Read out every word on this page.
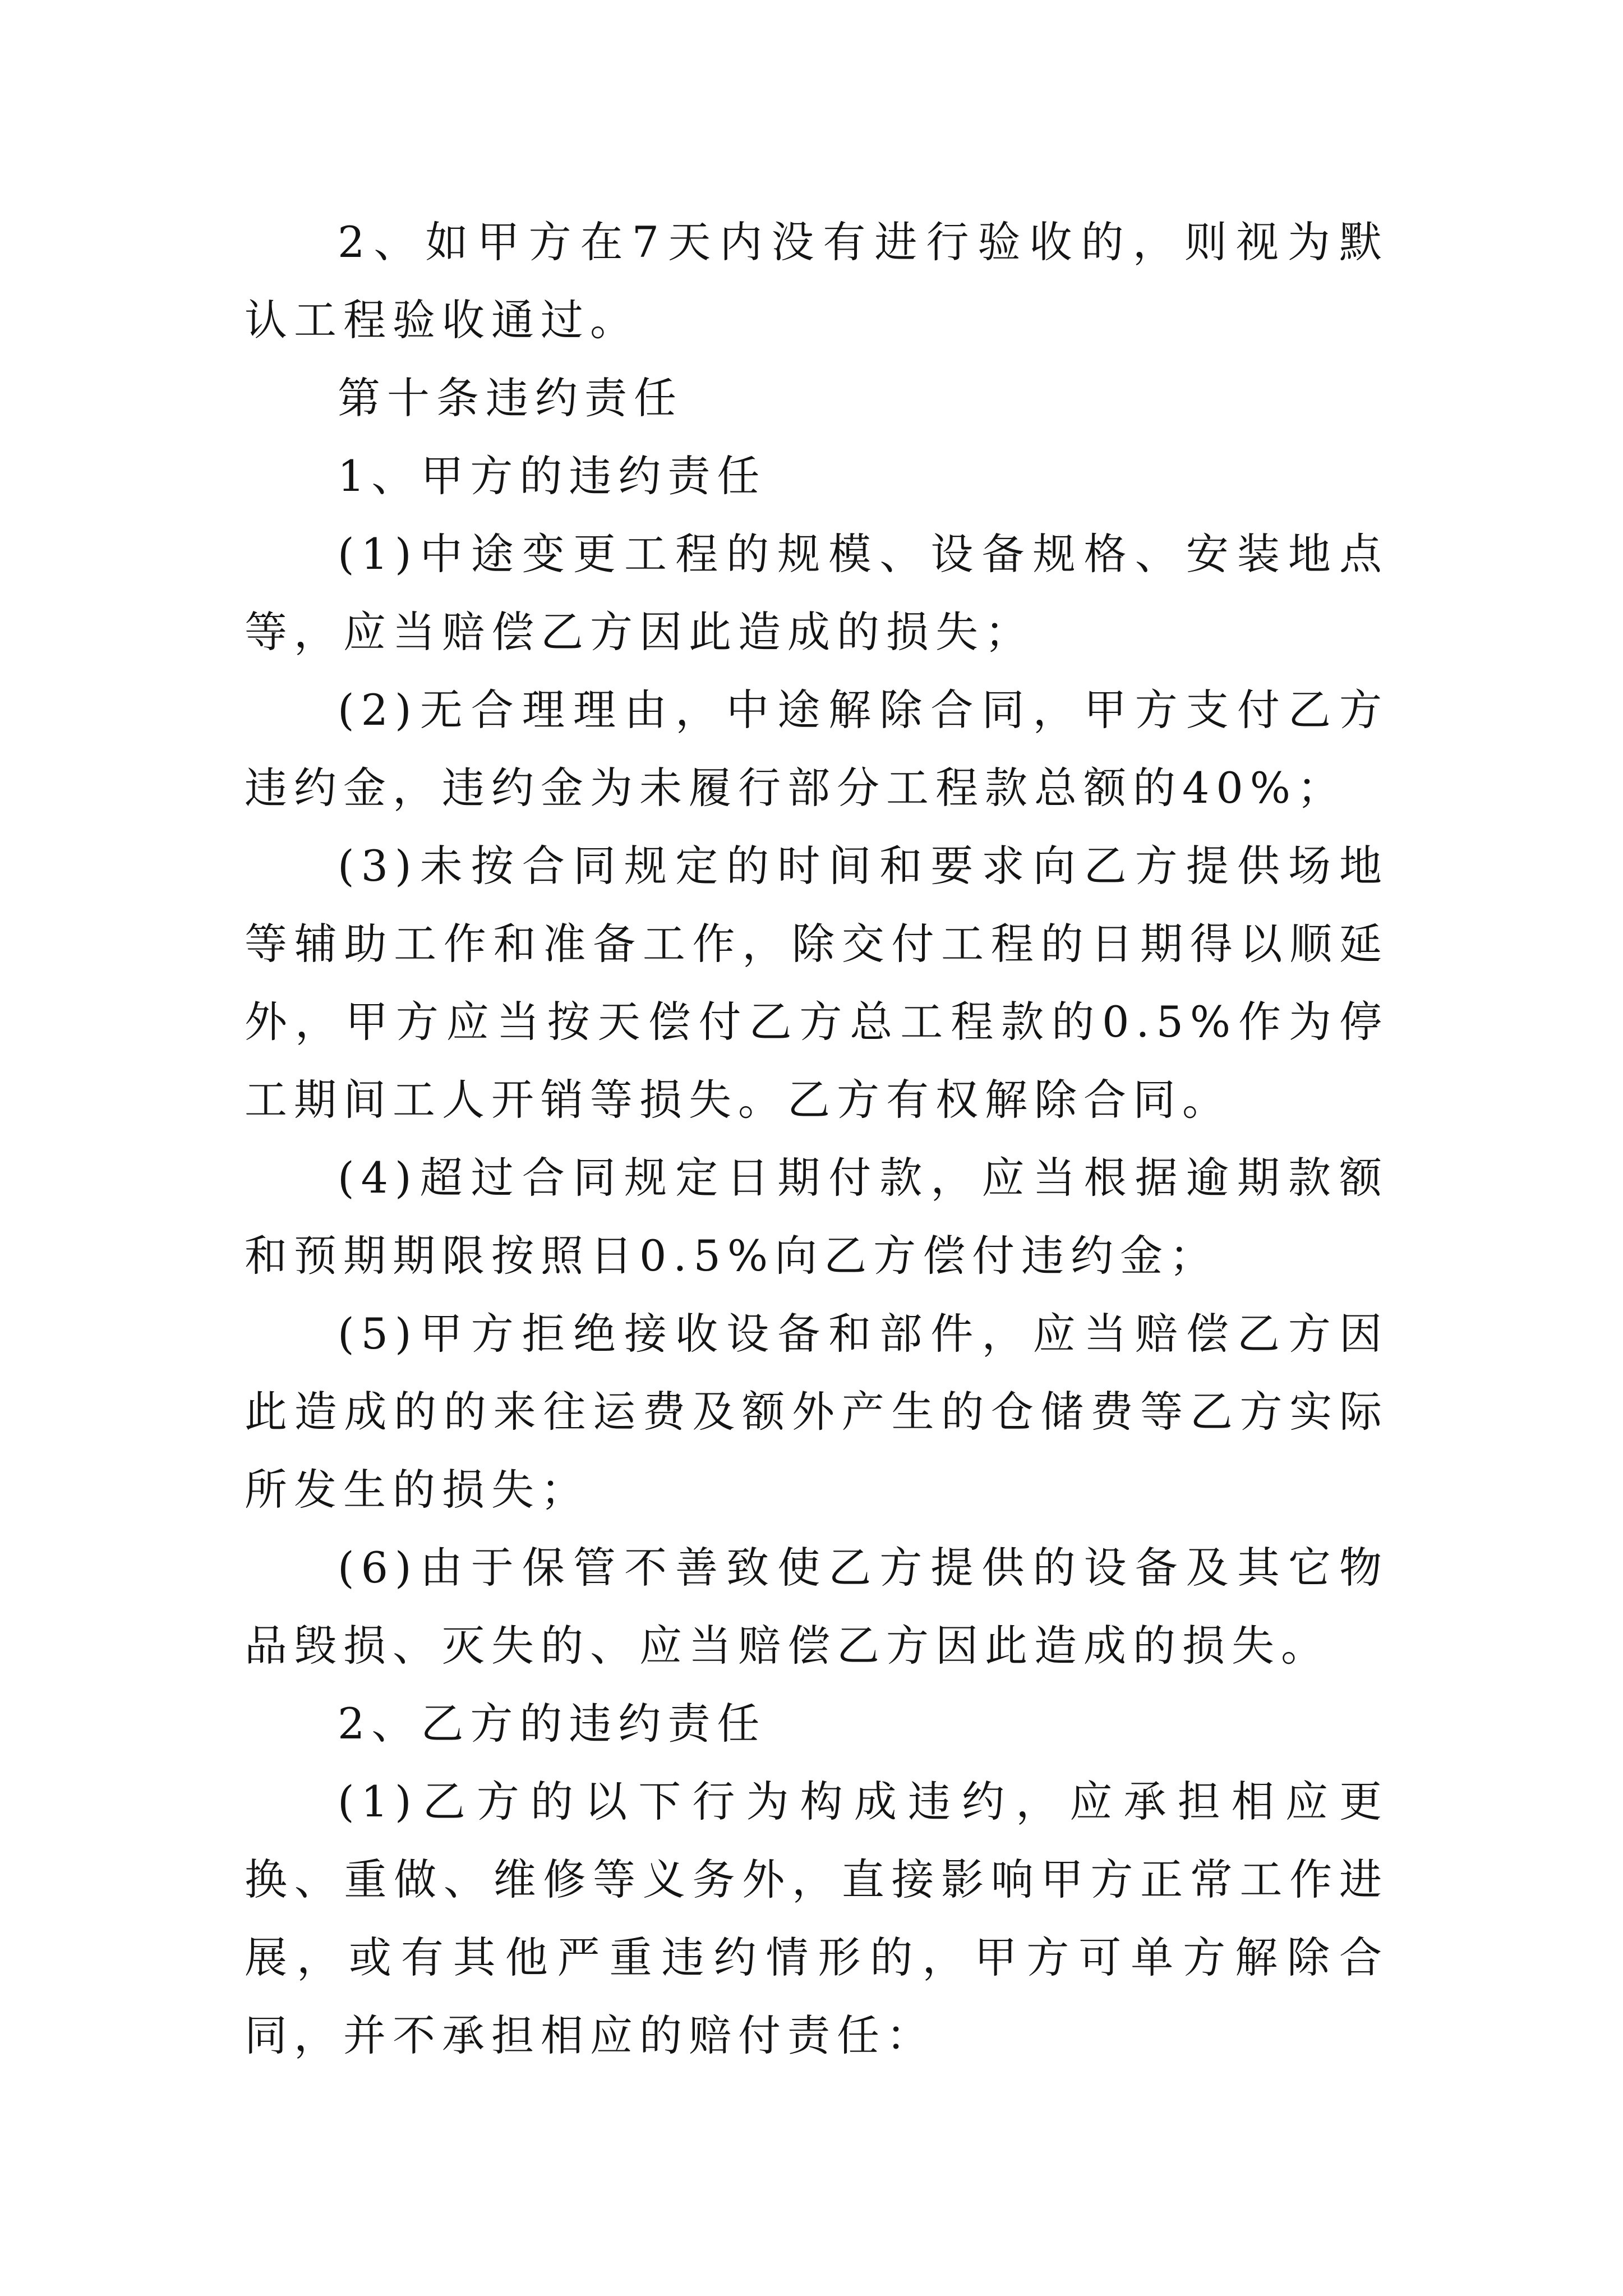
2、如甲方在7天内没有进行验收的，则视为默认工程验收通过。

第十条违约责任

1、甲方的违约责任

(1)中途变更工程的规模、设备规格、安装地点等，应当赔偿乙方因此造成的损失；

(2)无合理理由，中途解除合同，甲方支付乙方违约金，违约金为未履行部分工程款总额的40%；

(3)未按合同规定的时间和要求向乙方提供场地等辅助工作和准备工作，除交付工程的日期得以顺延外，甲方应当按天偿付乙方总工程款的0.5%作为停工期间工人开销等损失。乙方有权解除合同。

(4)超过合同规定日期付款，应当根据逾期款额和预期期限按照日0.5%向乙方偿付违约金；

(5)甲方拒绝接收设备和部件，应当赔偿乙方因此造成的的来往运费及额外产生的仓储费等乙方实际所发生的损失；

(6)由于保管不善致使乙方提供的设备及其它物品毁损、灭失的、应当赔偿乙方因此造成的损失。

2、乙方的违约责任

(1)乙方的以下行为构成违约，应承担相应更换、重做、维修等义务外，直接影响甲方正常工作进展，或有其他严重违约情形的，甲方可单方解除合同，并不承担相应的赔付责任：
